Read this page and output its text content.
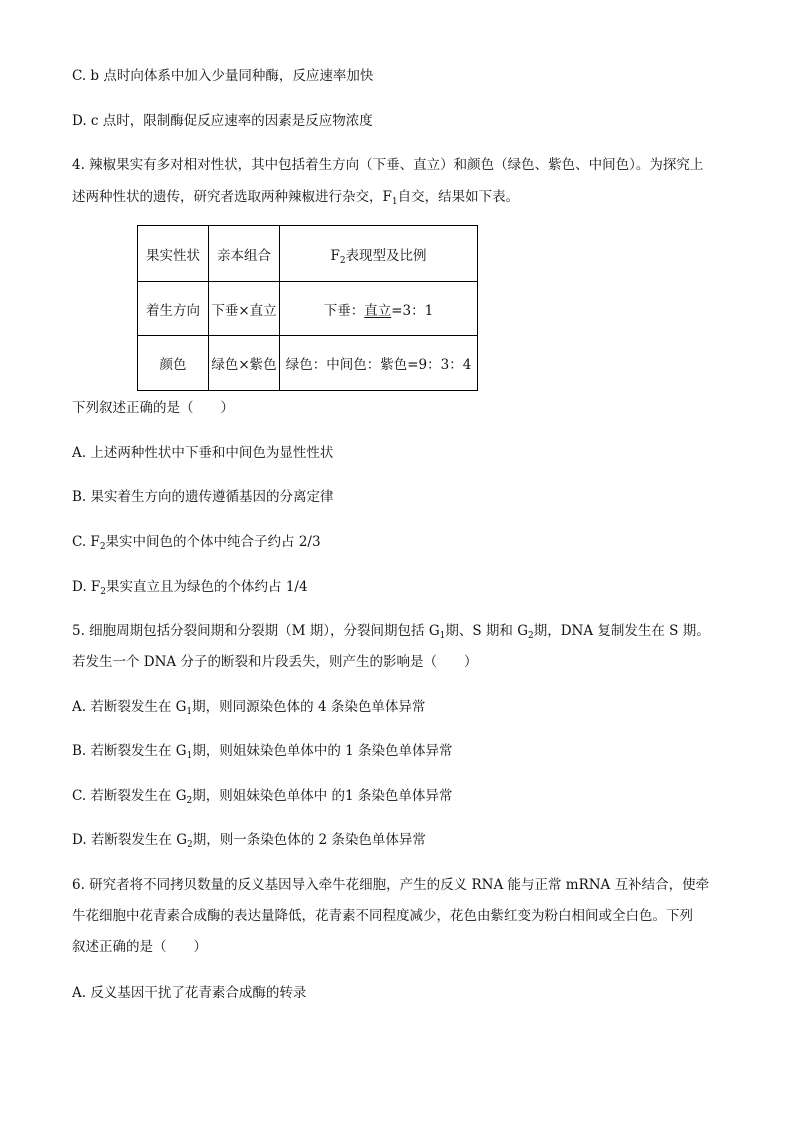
C. b 点时向体系中加入少量同种酶，反应速率加快
D. c 点时，限制酶促反应速率的因素是反应物浓度
4. 辣椒果实有多对相对性状，其中包括着生方向（下垂、直立）和颜色（绿色、紫色、中间色）。为探究上
述两种性状的遗传，研究者选取两种辣椒进行杂交，$F_1$自交，结果如下表。
果实性状	亲本组合	$F_2$表现型及比例
着生方向	下垂×直立	下垂：直立=3：1
颜色	绿色×紫色	绿色：中间色：紫色=9：3：4
下列叙述正确的是（　　）
A. 上述两种性状中下垂和中间色为显性性状
B. 果实着生方向的遗传遵循基因的分离定律
C. $F_2$果实中间色的个体中纯合子约占 2/3
D. $F_2$果实直立且为绿色的个体约占 1/4
5. 细胞周期包括分裂间期和分裂期（M 期），分裂间期包括 $G_1$期、S 期和 $G_2$期，DNA 复制发生在 S 期。
若发生一个 DNA 分子的断裂和片段丢失，则产生的影响是（　　）
A. 若断裂发生在 $G_1$期，则同源染色体的 4 条染色单体异常
B. 若断裂发生在 $G_1$期，则姐妹染色单体中的 1 条染色单体异常
C. 若断裂发生在 $G_2$期，则姐妹染色单体中 的1 条染色单体异常
D. 若断裂发生在 $G_2$期，则一条染色体的 2 条染色单体异常
6. 研究者将不同拷贝数量的反义基因导入牵牛花细胞，产生的反义 RNA 能与正常 mRNA 互补结合，使牵
牛花细胞中花青素合成酶的表达量降低，花青素不同程度减少，花色由紫红变为粉白相间或全白色。下列
叙述正确的是（　　）
A. 反义基因干扰了花青素合成酶的转录
